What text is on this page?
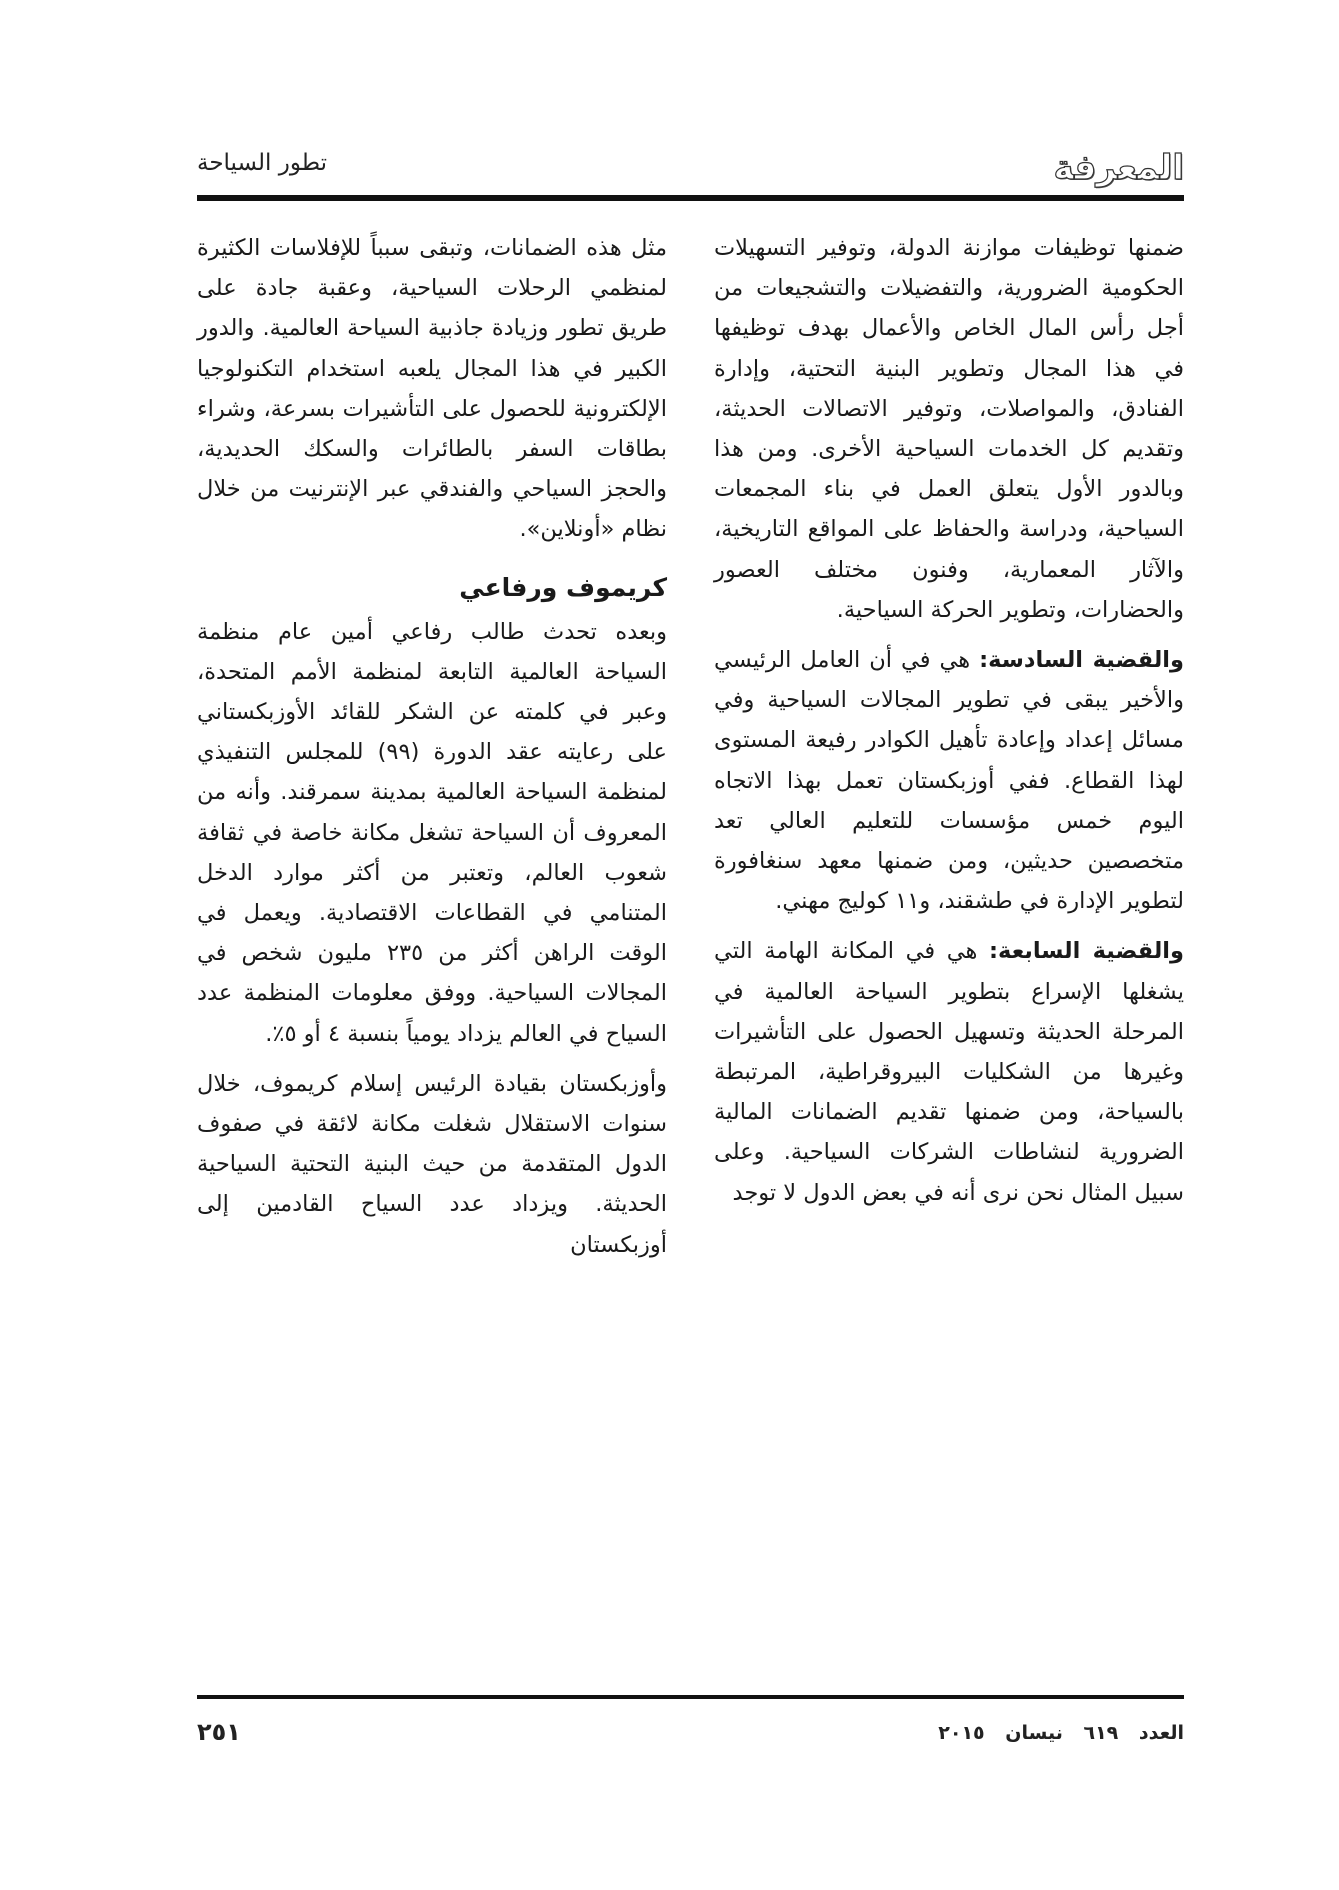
المعرفة
تطور السياحة

ضمنها توظيفات موازنة الدولة، وتوفير التسهيلات الحكومية الضرورية، والتفضيلات والتشجيعات من أجل رأس المال الخاص والأعمال بهدف توظيفها في هذا المجال وتطوير البنية التحتية، وإدارة الفنادق، والمواصلات، وتوفير الاتصالات الحديثة، وتقديم كل الخدمات السياحية الأخرى. ومن هذا وبالدور الأول يتعلق العمل في بناء المجمعات السياحية، ودراسة والحفاظ على المواقع التاريخية، والآثار المعمارية، وفنون مختلف العصور والحضارات، وتطوير الحركة السياحية.

والقضية السادسة: هي في أن العامل الرئيسي والأخير يبقى في تطوير المجالات السياحية وفي مسائل إعداد وإعادة تأهيل الكوادر رفيعة المستوى لهذا القطاع. ففي أوزبكستان تعمل بهذا الاتجاه اليوم خمس مؤسسات للتعليم العالي تعد متخصصين حديثين، ومن ضمنها معهد سنغافورة لتطوير الإدارة في طشقند، و١١ كوليج مهني.

والقضية السابعة: هي في المكانة الهامة التي يشغلها الإسراع بتطوير السياحة العالمية في المرحلة الحديثة وتسهيل الحصول على التأشيرات وغيرها من الشكليات البيروقراطية، المرتبطة بالسياحة، ومن ضمنها تقديم الضمانات المالية الضرورية لنشاطات الشركات السياحية. وعلى سبيل المثال نحن نرى أنه في بعض الدول لا توجد

مثل هذه الضمانات، وتبقى سبباً للإفلاسات الكثيرة لمنظمي الرحلات السياحية، وعقبة جادة على طريق تطور وزيادة جاذبية السياحة العالمية. والدور الكبير في هذا المجال يلعبه استخدام التكنولوجيا الإلكترونية للحصول على التأشيرات بسرعة، وشراء بطاقات السفر بالطائرات والسكك الحديدية، والحجز السياحي والفندقي عبر الإنترنيت من خلال نظام «أونلاين».

كريموف ورفاعي

وبعده تحدث طالب رفاعي أمين عام منظمة السياحة العالمية التابعة لمنظمة الأمم المتحدة، وعبر في كلمته عن الشكر للقائد الأوزبكستاني على رعايته عقد الدورة (٩٩) للمجلس التنفيذي لمنظمة السياحة العالمية بمدينة سمرقند. وأنه من المعروف أن السياحة تشغل مكانة خاصة في ثقافة شعوب العالم، وتعتبر من أكثر موارد الدخل المتنامي في القطاعات الاقتصادية. ويعمل في الوقت الراهن أكثر من ٢٣٥ مليون شخص في المجالات السياحية. ووفق معلومات المنظمة عدد السياح في العالم يزداد يومياً بنسبة ٤ أو ٥٪.

وأوزبكستان بقيادة الرئيس إسلام كريموف، خلال سنوات الاستقلال شغلت مكانة لائقة في صفوف الدول المتقدمة من حيث البنية التحتية السياحية الحديثة. ويزداد عدد السياح القادمين إلى أوزبكستان

العدد ٦١٩ نيسان ٢٠١٥
٢٥١
